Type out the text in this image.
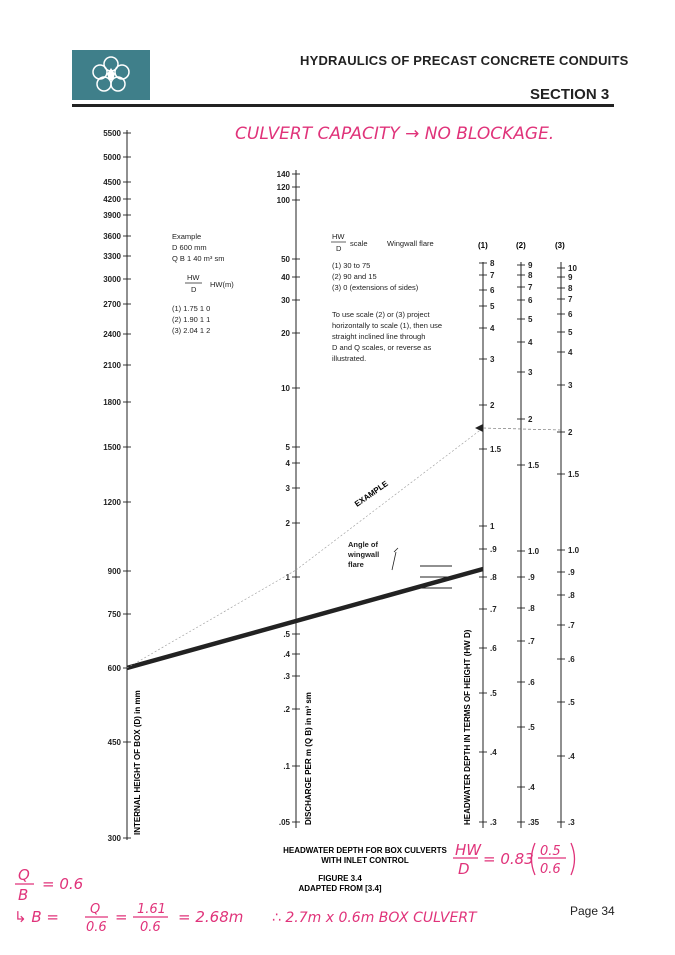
HYDRAULICS OF PRECAST CONCRETE CONDUITS
SECTION 3
5500
5000
4500
4200
3900
3600
3300
3000
2700
2400
2100
1800
1500
1200
900
750
600
450
300
140
120
100
50
40
30
20
10
5
4
3
2
1
.5
.4
.3
.2
.1
.05
8
7
6
5
4
3
2
1.5
1
.9
.8
.7
.6
.5
.4
.3
9
8
7
6
5
4
3
2
1.5
1.0
.9
.8
.7
.6
.5
.4
.35
10
9
8
7
6
5
4
3
2
1.5
1.0
.9
.8
.7
.6
.5
.4
.3
(1)	(2)	(3)
INTERNAL HEIGHT OF BOX (D) in mm	DISCHARGE PER m (Q B) in m³ sm	HEADWATER DEPTH IN TERMS OF HEIGHT (HW D)
Example
D 600 mm
Q B 1 40 m³ sm
HW
D
HW(m)
(1) 1.75 1 0
(2) 1.90 1 1
(3) 2.04 1 2
HW
D
scale	Wingwall flare
(1) 30 to 75
(2) 90 and 15
(3) 0 (extensions of sides)
To use scale (2) or (3) project
horizontally to scale (1), then use
straight inclined line through
D and Q scales, or reverse as
illustrated.
EXAMPLE
Angle of
wingwall
flare
HEADWATER DEPTH FOR BOX CULVERTS
WITH INLET CONTROL
FIGURE 3.4
ADAPTED FROM [3.4]
CULVERT CAPACITY → NO BLOCKAGE.
HW
D
= 0.83 0.5
0.6
Q
B
= 0.6
↳ B = Q
0.6
= 1.61
0.6
= 2.68m ∴ 2.7m x 0.6m BOX CULVERT	Page 34
